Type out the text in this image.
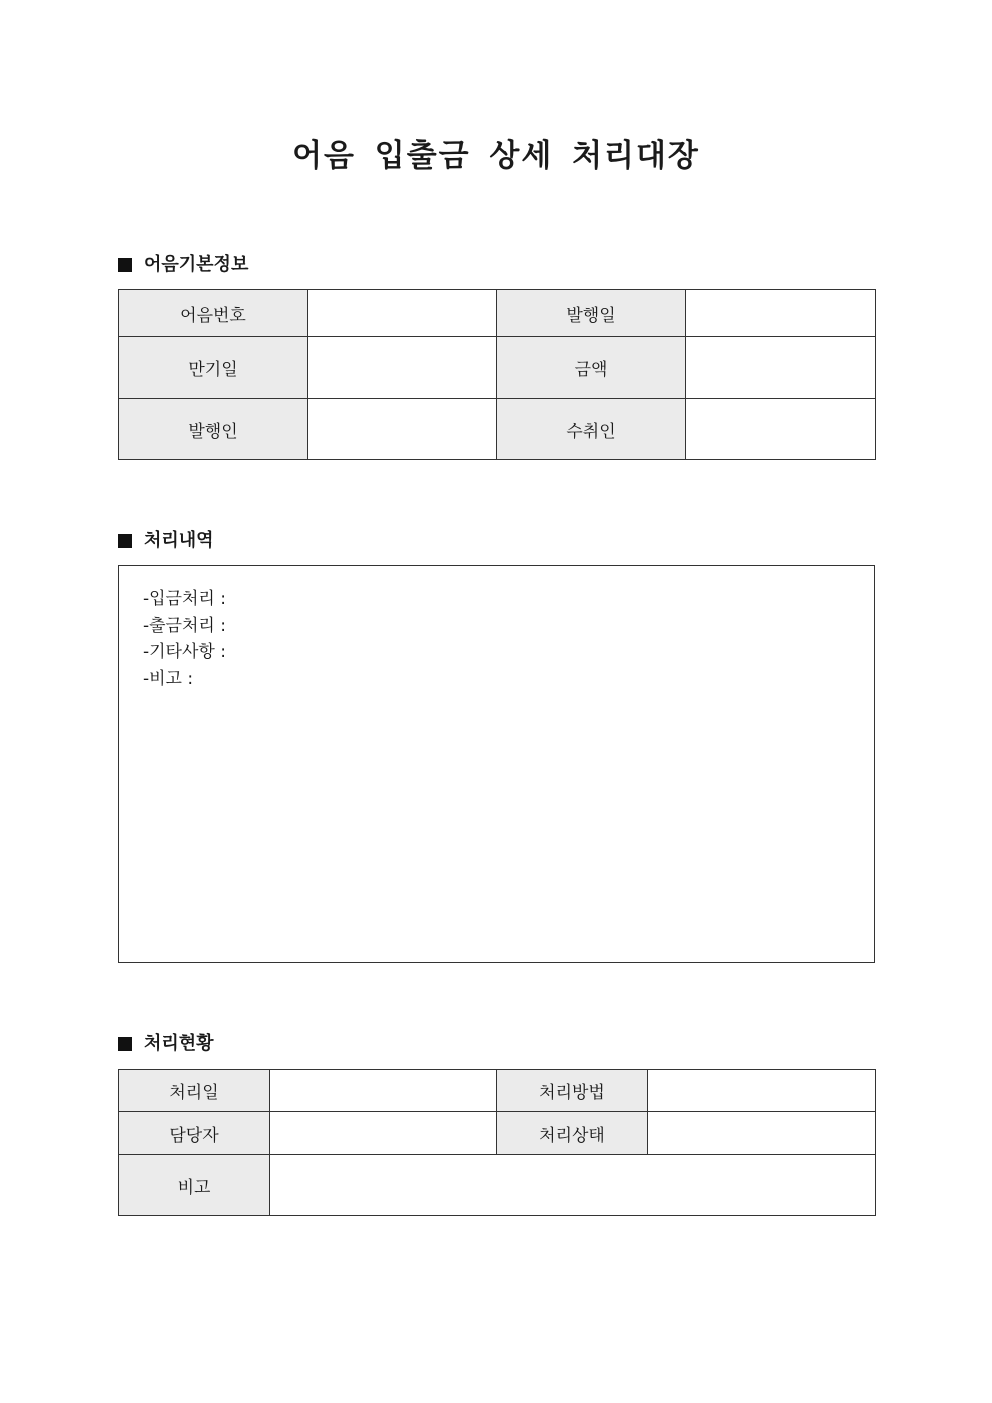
어음 입출금 상세 처리대장
어음기본정보
어음번호		발행일	
만기일		금액	
발행인		수취인	
처리내역
-입금처리 :
-출금처리 :
-기타사항 :
-비고 :
처리현황
처리일		처리방법	
담당자		처리상태	
비고			
